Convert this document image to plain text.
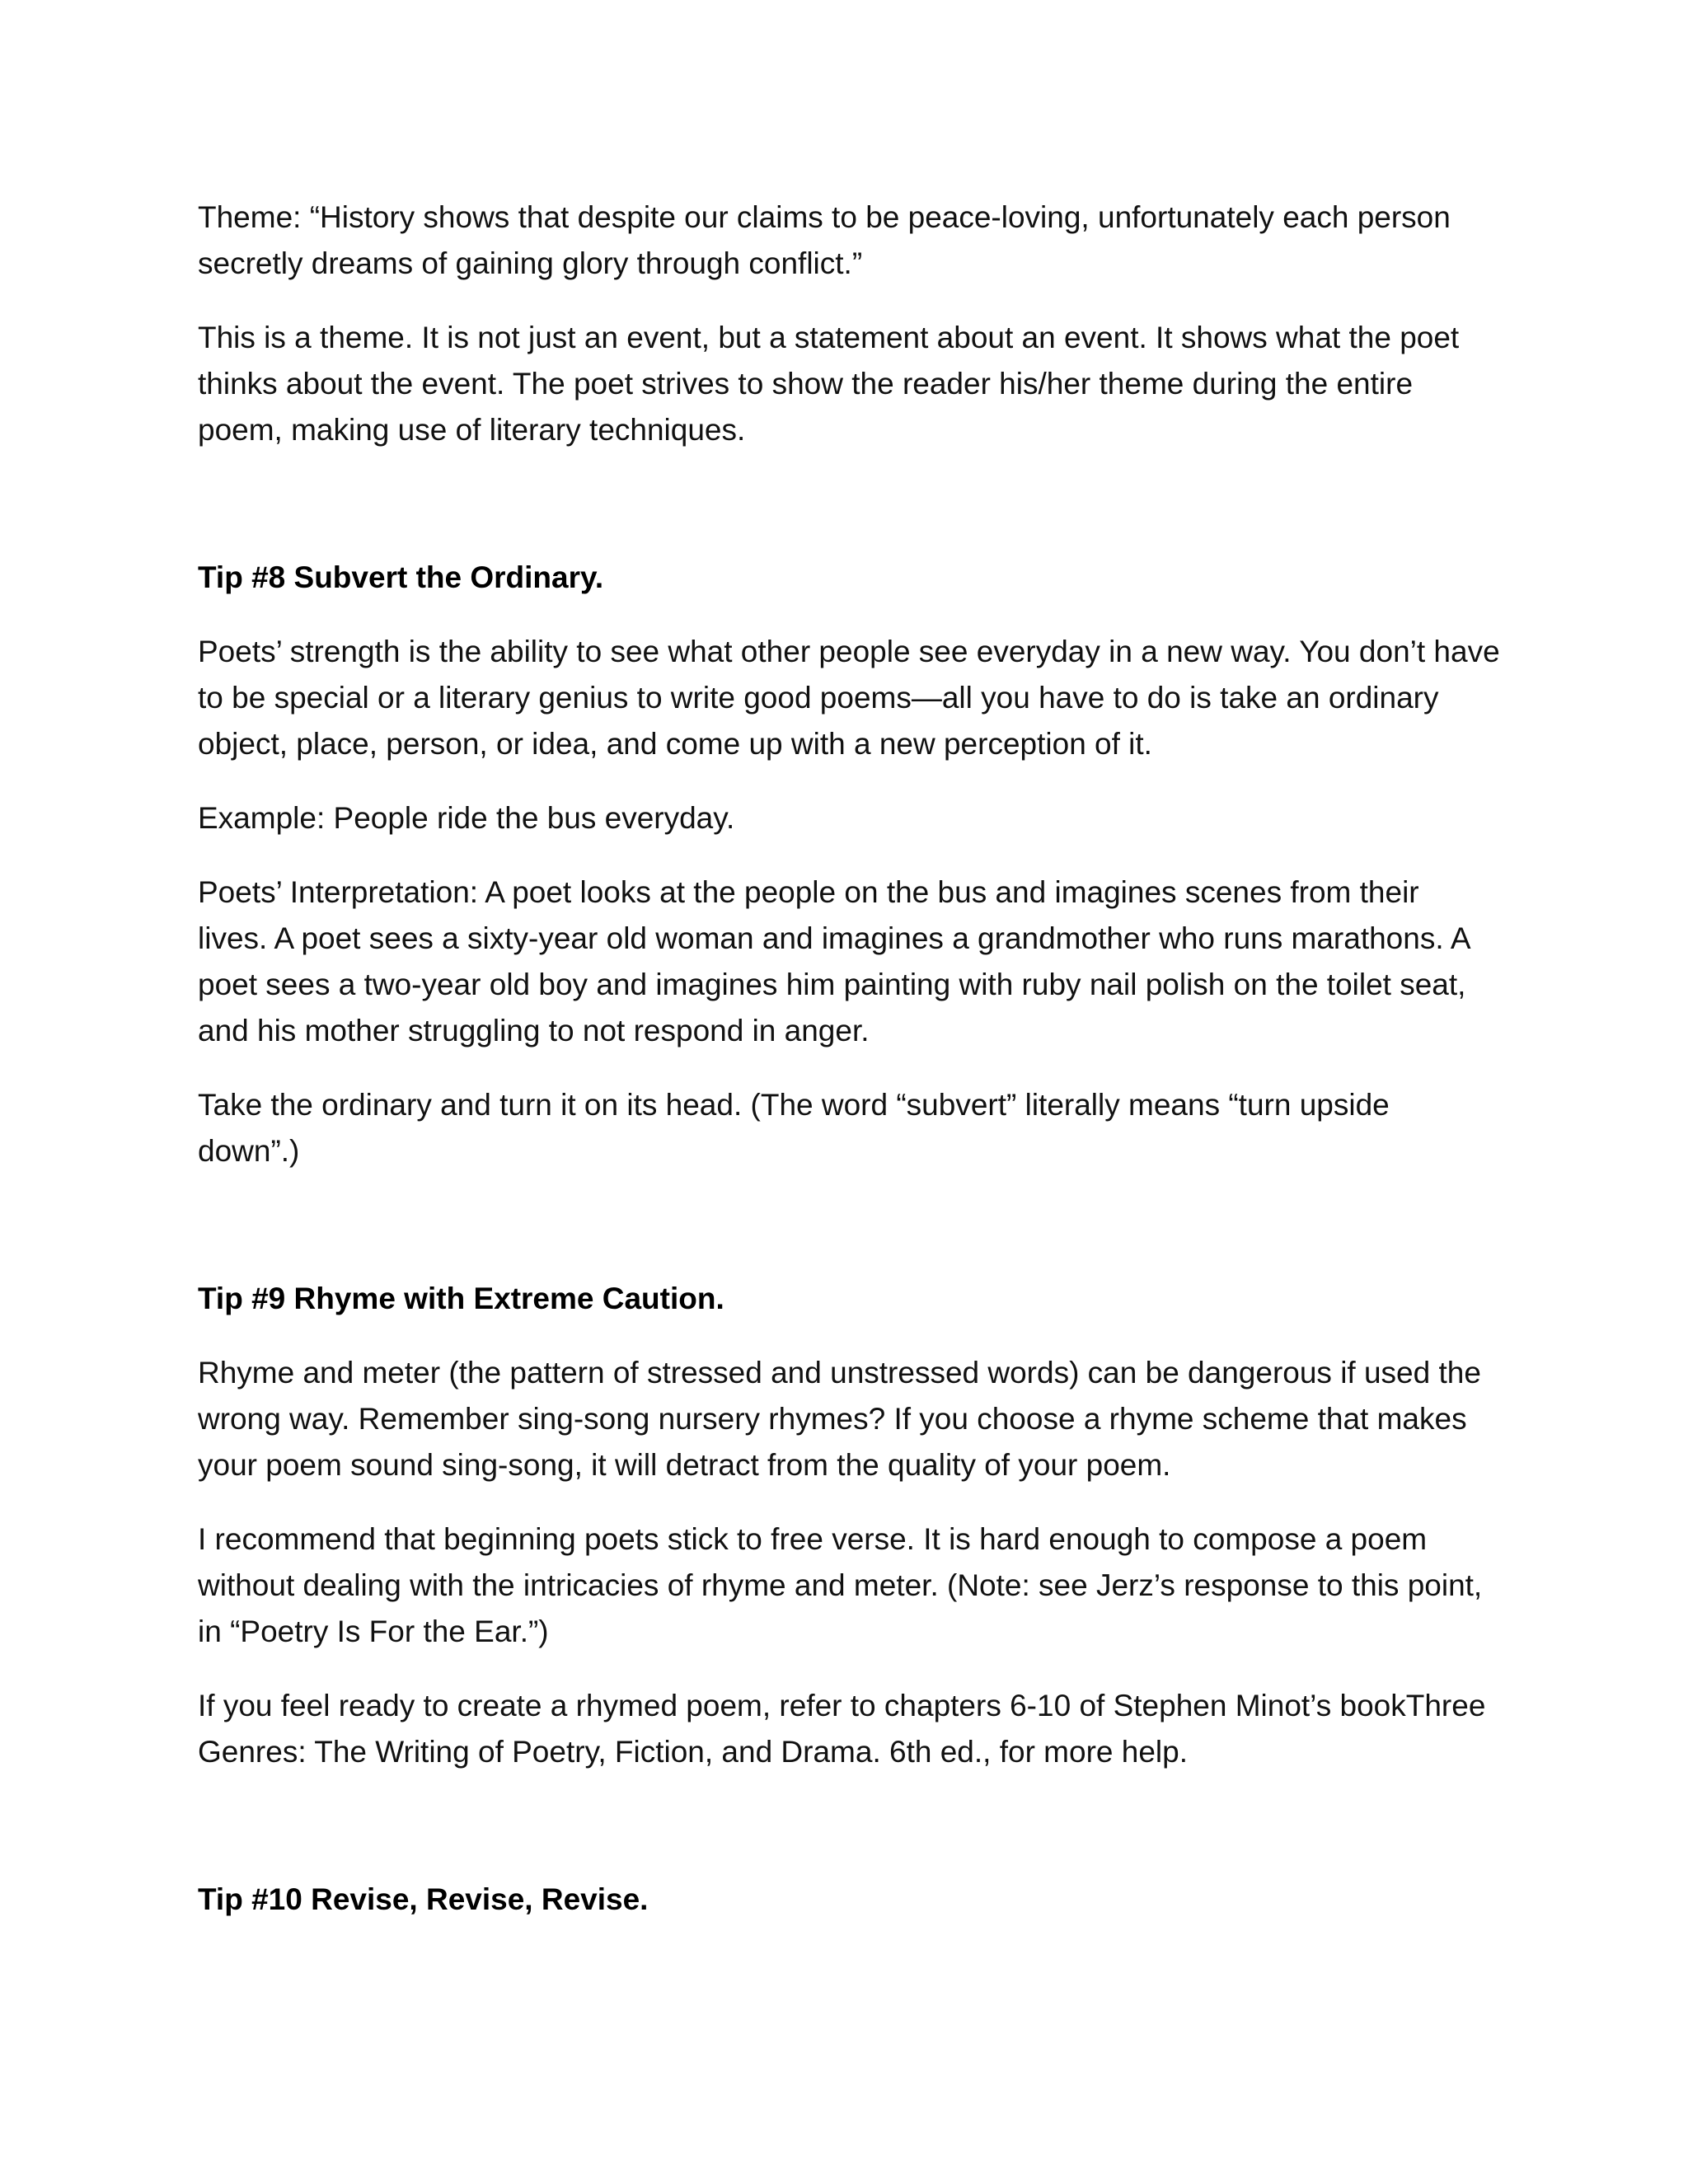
Theme: “History shows that despite our claims to be peace-loving, unfortunately each person
secretly dreams of gaining glory through conflict.”

This is a theme. It is not just an event, but a statement about an event. It shows what the poet
thinks about the event. The poet strives to show the reader his/her theme during the entire
poem, making use of literary techniques.

Tip #8 Subvert the Ordinary.

Poets’ strength is the ability to see what other people see everyday in a new way. You don’t have
to be special or a literary genius to write good poems—all you have to do is take an ordinary
object, place, person, or idea, and come up with a new perception of it.

Example: People ride the bus everyday.

Poets’ Interpretation: A poet looks at the people on the bus and imagines scenes from their
lives. A poet sees a sixty-year old woman and imagines a grandmother who runs marathons. A
poet sees a two-year old boy and imagines him painting with ruby nail polish on the toilet seat,
and his mother struggling to not respond in anger.

Take the ordinary and turn it on its head. (The word “subvert” literally means “turn upside
down”.)

Tip #9 Rhyme with Extreme Caution.

Rhyme and meter (the pattern of stressed and unstressed words) can be dangerous if used the
wrong way. Remember sing-song nursery rhymes? If you choose a rhyme scheme that makes
your poem sound sing-song, it will detract from the quality of your poem.

I recommend that beginning poets stick to free verse. It is hard enough to compose a poem
without dealing with the intricacies of rhyme and meter. (Note: see Jerz’s response to this point,
in “Poetry Is For the Ear.”)

If you feel ready to create a rhymed poem, refer to chapters 6-10 of Stephen Minot’s bookThree
Genres: The Writing of Poetry, Fiction, and Drama. 6th ed., for more help.

Tip #10 Revise, Revise, Revise.
